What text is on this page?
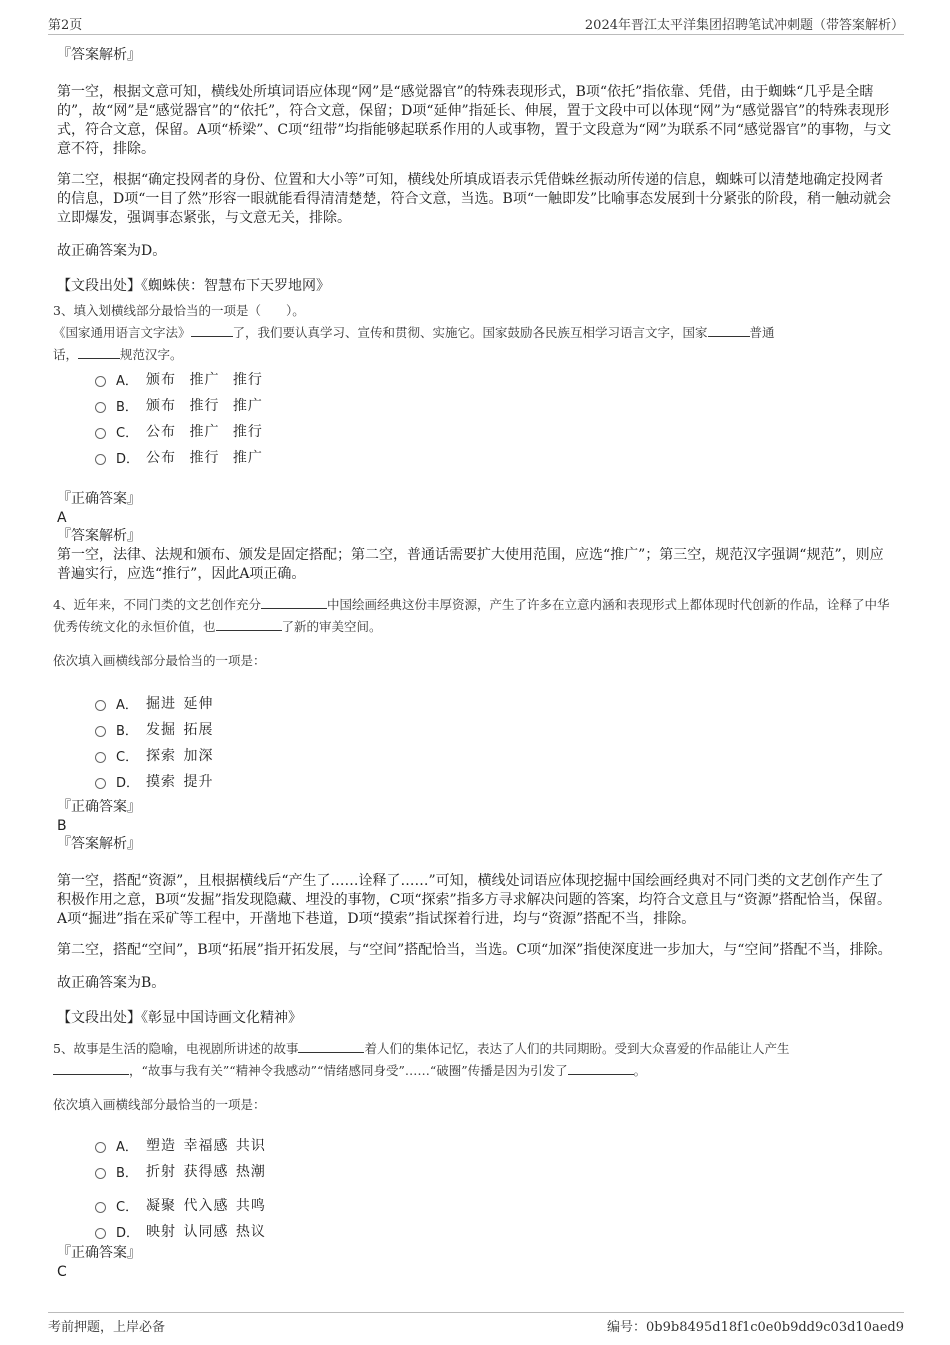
第2页	2024年晋江太平洋集团招聘笔试冲刺题（带答案解析）

『答案解析』

第一空，根据文意可知，横线处所填词语应体现“网”是“感觉器官”的特殊表现形式，B项“依托”指依靠、凭借，由于蜘蛛“几乎是全瞎的”，故“网”是“感觉器官”的“依托”，符合文意，保留；D项“延伸”指延长、伸展，置于文段中可以体现“网”为“感觉器官”的特殊表现形式，符合文意，保留。A项“桥梁”、C项“纽带”均指能够起联系作用的人或事物，置于文段意为“网”为联系不同“感觉器官”的事物，与文意不符，排除。

第二空，根据“确定投网者的身份、位置和大小等”可知，横线处所填成语表示凭借蛛丝振动所传递的信息，蜘蛛可以清楚地确定投网者的信息，D项“一目了然”形容一眼就能看得清清楚楚，符合文意，当选。B项“一触即发”比喻事态发展到十分紧张的阶段，稍一触动就会立即爆发，强调事态紧张，与文意无关，排除。

故正确答案为D。

【文段出处】《蜘蛛侠：智慧布下天罗地网》

3、填入划横线部分最恰当的一项是（　　）。

《国家通用语言文字法》	了，我们要认真学习、宣传和贯彻、实施它。国家鼓励各民族互相学习语言文字，国家	普通
话，	规范汉字。

A． 颁布 推广 推行
B． 颁布 推行 推广
C． 公布 推广 推行
D． 公布 推行 推广

『正确答案』

A

『答案解析』

第一空，法律、法规和颁布、颁发是固定搭配；第二空，普通话需要扩大使用范围，应选“推广”；第三空，规范汉字强调“规范”，则应普遍实行，应选“推行”，因此A项正确。

4、近年来，不同门类的文艺创作充分	中国绘画经典这份丰厚资源，产生了许多在立意内涵和表现形式上都体现时代创新的作品，诠释了中华优秀传统文化的永恒价值，也	了新的审美空间。

依次填入画横线部分最恰当的一项是：

A． 掘进 延伸
B． 发掘 拓展
C． 探索 加深
D． 摸索 提升

『正确答案』

B

『答案解析』

第一空，搭配“资源”，且根据横线后“产生了……诠释了……”可知，横线处词语应体现挖掘中国绘画经典对不同门类的文艺创作产生了积极作用之意，B项“发掘”指发现隐藏、埋没的事物，C项“探索”指多方寻求解决问题的答案，均符合文意且与“资源”搭配恰当，保留。A项“掘进”指在采矿等工程中，开凿地下巷道，D项“摸索”指试探着行进，均与“资源”搭配不当，排除。

第二空，搭配“空间”，B项“拓展”指开拓发展，与“空间”搭配恰当，当选。C项“加深”指使深度进一步加大，与“空间”搭配不当，排除。

故正确答案为B。

【文段出处】《彰显中国诗画文化精神》

5、故事是生活的隐喻，电视剧所讲述的故事	着人们的集体记忆，表达了人们的共同期盼。受到大众喜爱的作品能让人产生
，“故事与我有关”“精神令我感动”“情绪感同身受”……“破圈”传播是因为引发了	。

依次填入画横线部分最恰当的一项是：

A． 塑造 幸福感 共识
B． 折射 获得感 热潮
C． 凝聚 代入感 共鸣
D． 映射 认同感 热议

『正确答案』

C

考前押题，上岸必备	编号：0b9b8495d18f1c0e0b9dd9c03d10aed9
